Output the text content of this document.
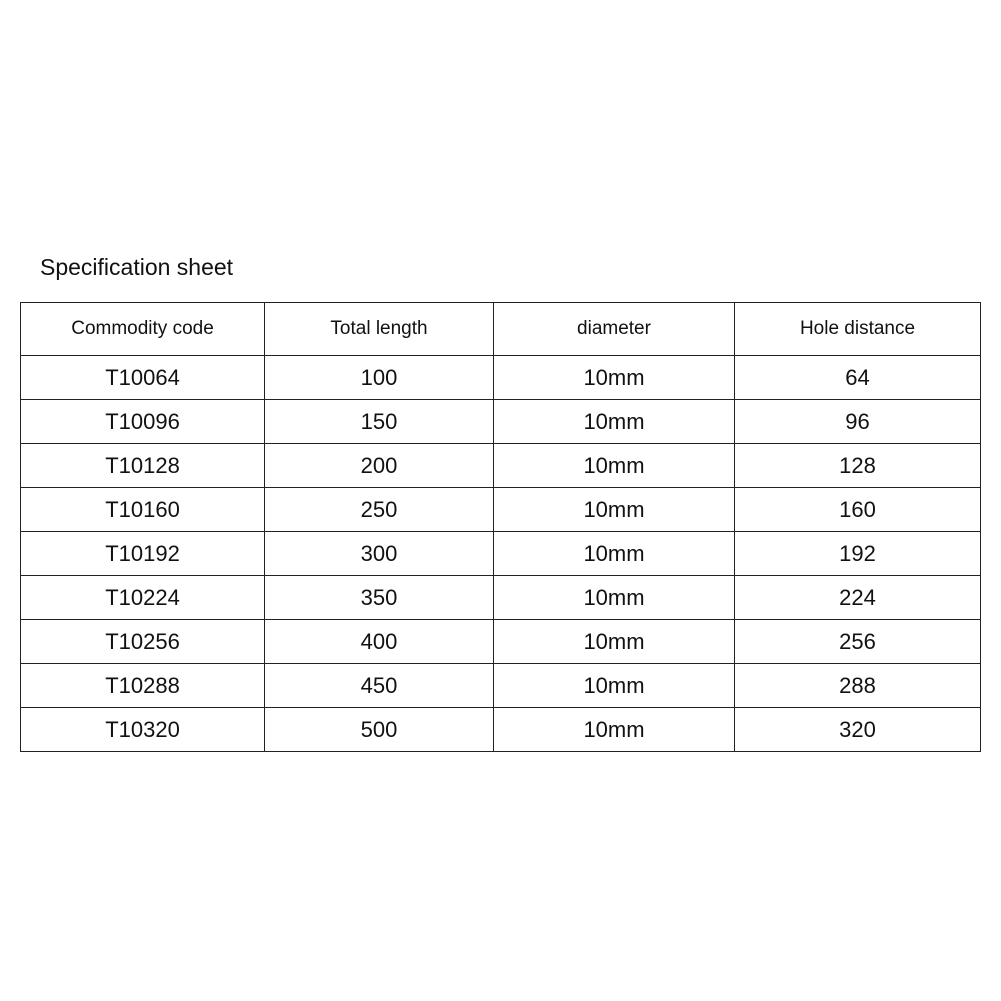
Specification sheet
Commodity code	Total length	diameter	Hole distance
T10064	100	10mm	64
T10096	150	10mm	96
T10128	200	10mm	128
T10160	250	10mm	160
T10192	300	10mm	192
T10224	350	10mm	224
T10256	400	10mm	256
T10288	450	10mm	288
T10320	500	10mm	320
